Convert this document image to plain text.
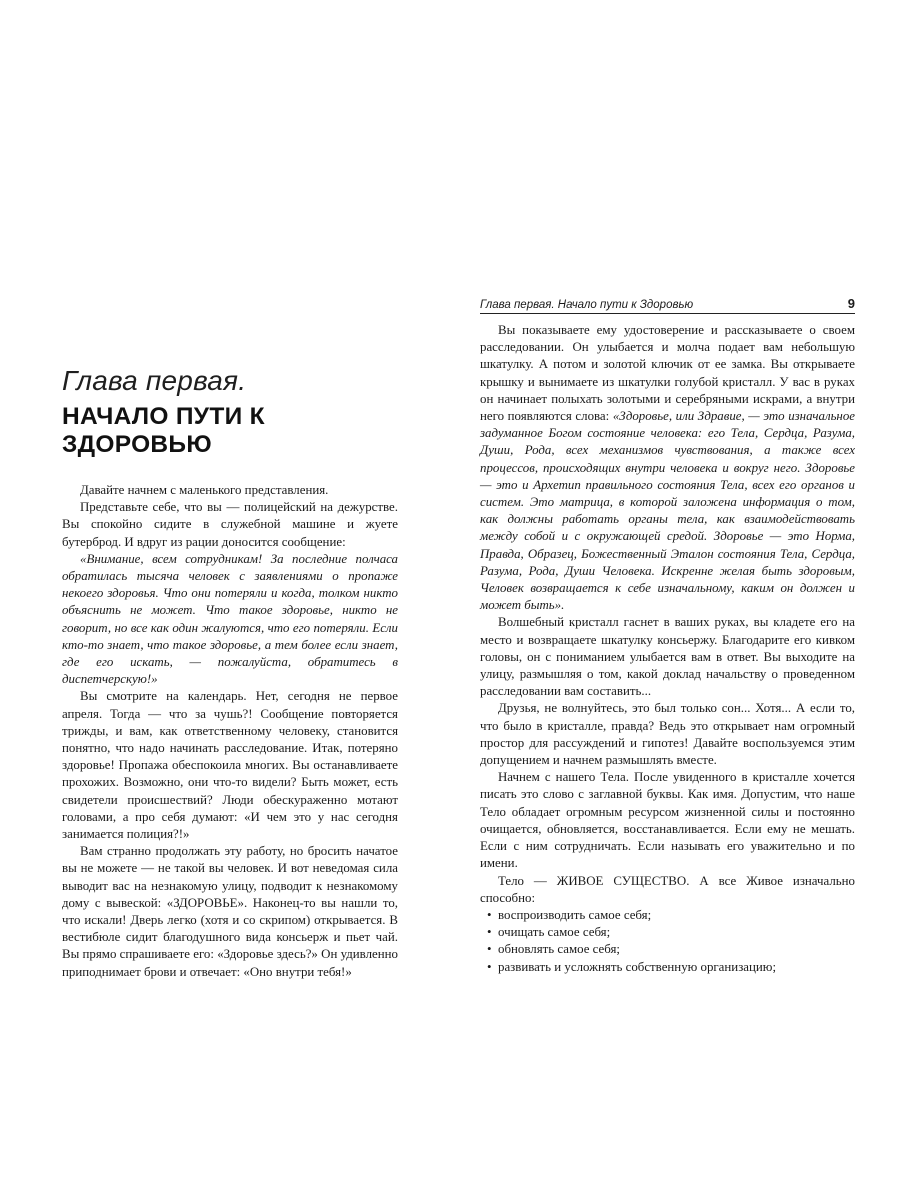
Глава первая.
НАЧАЛО ПУТИ К ЗДОРОВЬЮ

Давайте начнем с маленького представления.

Представьте себе, что вы — полицейский на дежурстве. Вы спокойно сидите в служебной машине и жуете бутерброд. И вдруг из рации доносится сообщение:

«Внимание, всем сотрудникам! За последние полчаса обратилась тысяча человек с заявлениями о пропаже некоего здоровья. Что они потеряли и когда, толком никто объяснить не может. Что такое здоровье, никто не говорит, но все как один жалуются, что его потеряли. Если кто-то знает, что такое здоровье, а тем более если знает, где его искать, — пожалуйста, обратитесь в диспетчерскую!»

Вы смотрите на календарь. Нет, сегодня не первое апреля. Тогда — что за чушь?! Сообщение повторяется трижды, и вам, как ответственному человеку, становится понятно, что надо начинать расследование. Итак, потеряно здоровье! Пропажа обеспокоила многих. Вы останавливаете прохожих. Возможно, они что-то видели? Быть может, есть свидетели происшествий? Люди обескураженно мотают головами, а про себя думают: «И чем это у нас сегодня занимается полиция?!»

Вам странно продолжать эту работу, но бросить начатое вы не можете — не такой вы человек. И вот неведомая сила выводит вас на незнакомую улицу, подводит к незнакомому дому с вывеской: «ЗДОРОВЬЕ». Наконец-то вы нашли то, что искали! Дверь легко (хотя и со скрипом) открывается. В вестибюле сидит благодушного вида консьерж и пьет чай. Вы прямо спрашиваете его: «Здоровье здесь?» Он удивленно приподнимает брови и отвечает: «Оно внутри тебя!»

Глава первая. Начало пути к Здоровью	9

Вы показываете ему удостоверение и рассказываете о своем расследовании. Он улыбается и молча подает вам небольшую шкатулку. А потом и золотой ключик от ее замка. Вы открываете крышку и вынимаете из шкатулки голубой кристалл. У вас в руках он начинает полыхать золотыми и серебряными искрами, а внутри него появляются слова: «Здоровье, или Здравие, — это изначальное задуманное Богом состояние человека: его Тела, Сердца, Разума, Души, Рода, всех механизмов чувствования, а также всех процессов, происходящих внутри человека и вокруг него. Здоровье — это и Архетип правильного состояния Тела, всех его органов и систем. Это матрица, в которой заложена информация о том, как должны работать органы тела, как взаимодействовать между собой и с окружающей средой. Здоровье — это Норма, Правда, Образец, Божественный Эталон состояния Тела, Сердца, Разума, Рода, Души Человека. Искренне желая быть здоровым, Человек возвращается к себе изначальному, каким он должен и может быть».

Волшебный кристалл гаснет в ваших руках, вы кладете его на место и возвращаете шкатулку консьержу. Благодарите его кивком головы, он с пониманием улыбается вам в ответ. Вы выходите на улицу, размышляя о том, какой доклад начальству о проведенном расследовании вам составить...

Друзья, не волнуйтесь, это был только сон... Хотя... А если то, что было в кристалле, правда? Ведь это открывает нам огромный простор для рассуждений и гипотез! Давайте воспользуемся этим допущением и начнем размышлять вместе.

Начнем с нашего Тела. После увиденного в кристалле хочется писать это слово с заглавной буквы. Как имя. Допустим, что наше Тело обладает огромным ресурсом жизненной силы и постоянно очищается, обновляется, восстанавливается. Если ему не мешать. Если с ним сотрудничать. Если называть его уважительно и по имени.

Тело — ЖИВОЕ СУЩЕСТВО. А все Живое изначально способно:

• воспроизводить самое себя;
• очищать самое себя;
• обновлять самое себя;
• развивать и усложнять собственную организацию;
